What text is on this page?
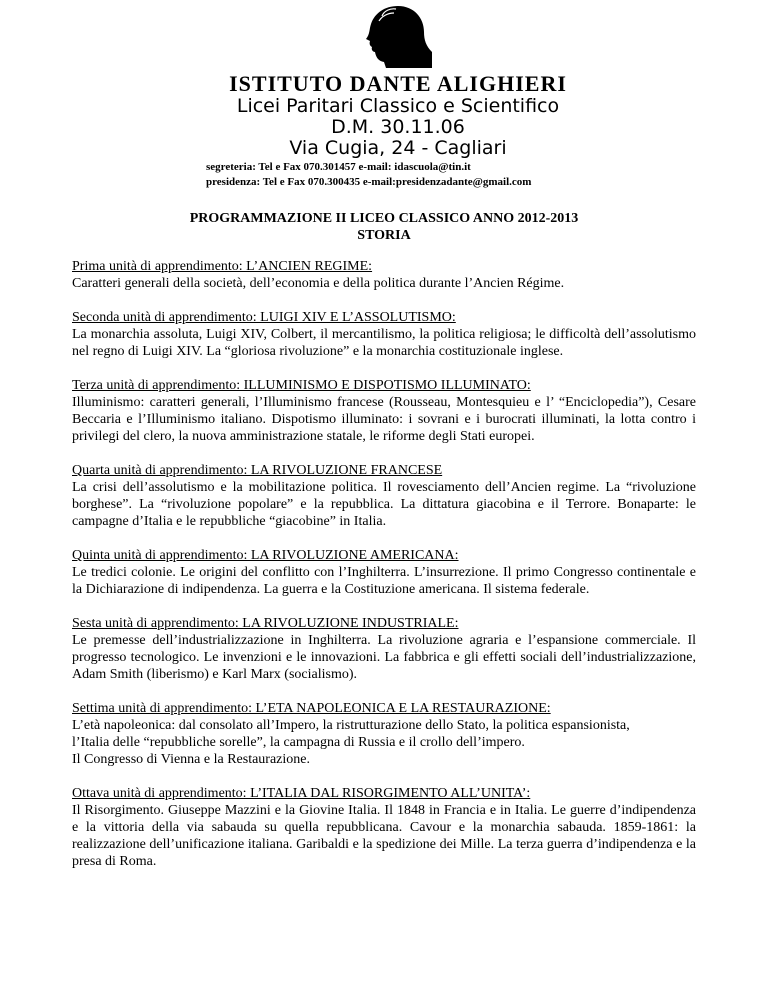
ISTITUTO DANTE ALIGHIERI
Licei Paritari Classico e Scientifico
D.M. 30.11.06
Via Cugia, 24 - Cagliari
segreteria: Tel e Fax 070.301457 e-mail: idascuola@tin.it
presidenza: Tel e Fax 070.300435 e-mail:presidenzadante@gmail.com
PROGRAMMAZIONE II LICEO CLASSICO ANNO 2012-2013
STORIA
Prima unità di apprendimento: L’ANCIEN REGIME:
Caratteri generali della società, dell’economia e della politica durante l’Ancien Régime.
Seconda unità di apprendimento: LUIGI XIV E L’ASSOLUTISMO:
La monarchia assoluta, Luigi XIV, Colbert, il mercantilismo, la politica religiosa; le difficoltà dell’assolutismo nel regno di Luigi XIV. La “gloriosa rivoluzione” e la monarchia costituzionale inglese.
Terza unità di apprendimento: ILLUMINISMO E DISPOTISMO ILLUMINATO:
Illuminismo: caratteri generali, l’Illuminismo francese (Rousseau, Montesquieu e l’ “Enciclopedia”), Cesare Beccaria e l’Illuminismo italiano. Dispotismo illuminato: i sovrani e i burocrati illuminati, la lotta contro i privilegi del clero, la nuova amministrazione statale, le riforme degli Stati europei.
Quarta unità di apprendimento: LA RIVOLUZIONE FRANCESE
La crisi dell’assolutismo e la mobilitazione politica. Il rovesciamento dell’Ancien regime. La “rivoluzione borghese”. La “rivoluzione popolare” e la repubblica. La dittatura giacobina e il Terrore. Bonaparte: le campagne d’Italia e le repubbliche “giacobine” in Italia.
Quinta unità di apprendimento: LA RIVOLUZIONE AMERICANA:
Le tredici colonie. Le origini del conflitto con l’Inghilterra. L’insurrezione. Il primo Congresso continentale e la Dichiarazione di indipendenza. La guerra e la Costituzione americana. Il sistema federale.
Sesta unità di apprendimento: LA RIVOLUZIONE INDUSTRIALE:
Le premesse dell’industrializzazione in Inghilterra. La rivoluzione agraria e l’espansione commerciale. Il progresso tecnologico. Le invenzioni e le innovazioni. La fabbrica e gli effetti sociali dell’industrializzazione, Adam Smith (liberismo) e Karl Marx (socialismo).
Settima unità di apprendimento: L’ETA NAPOLEONICA E LA RESTAURAZIONE:
L’età napoleonica: dal consolato all’Impero, la ristrutturazione dello Stato, la politica espansionista,
l’Italia delle “repubbliche sorelle”, la campagna di Russia e il crollo dell’impero.
Il Congresso di Vienna e la Restaurazione.
Ottava unità di apprendimento: L’ITALIA DAL RISORGIMENTO ALL’UNITA’:
Il Risorgimento. Giuseppe Mazzini e la Giovine Italia. Il 1848 in Francia e in Italia. Le guerre d’indipendenza e la vittoria della via sabauda su quella repubblicana. Cavour e la monarchia sabauda. 1859-1861: la realizzazione dell’unificazione italiana. Garibaldi e la spedizione dei Mille. La terza guerra d’indipendenza e la presa di Roma.
